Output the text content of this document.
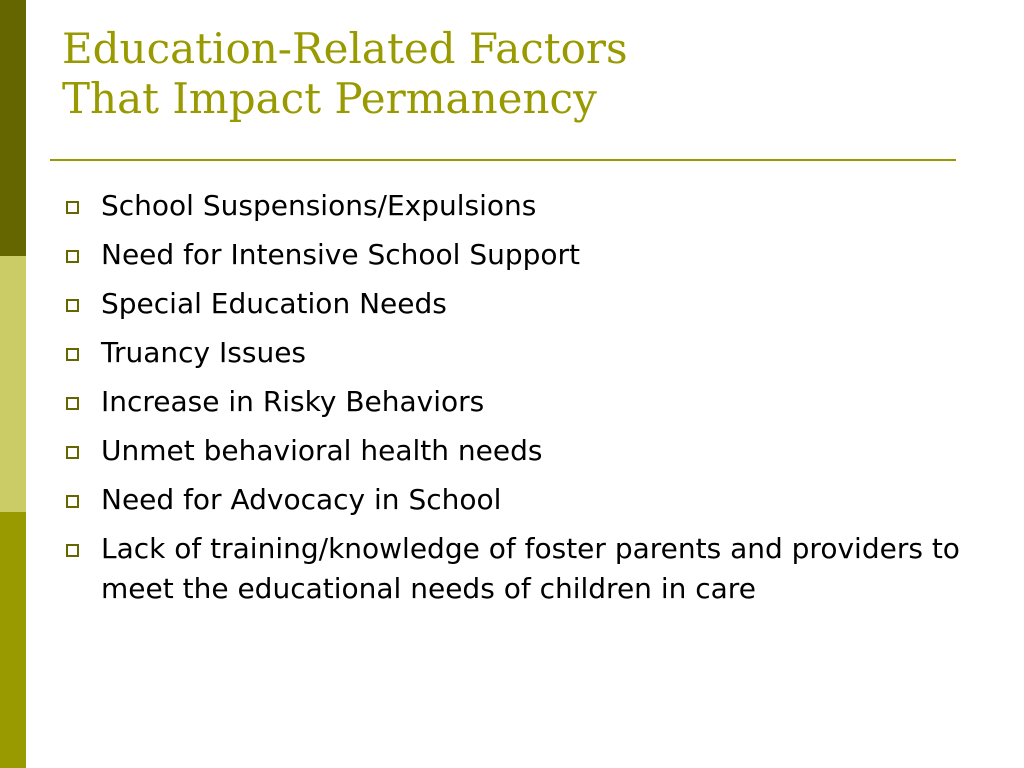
Education-Related Factors
That Impact Permanency
School Suspensions/Expulsions
Need for Intensive School Support
Special Education Needs
Truancy Issues
Increase in Risky Behaviors
Unmet behavioral health needs
Need for Advocacy in School
Lack of training/knowledge of foster parents and providers to meet the educational needs of children in care
